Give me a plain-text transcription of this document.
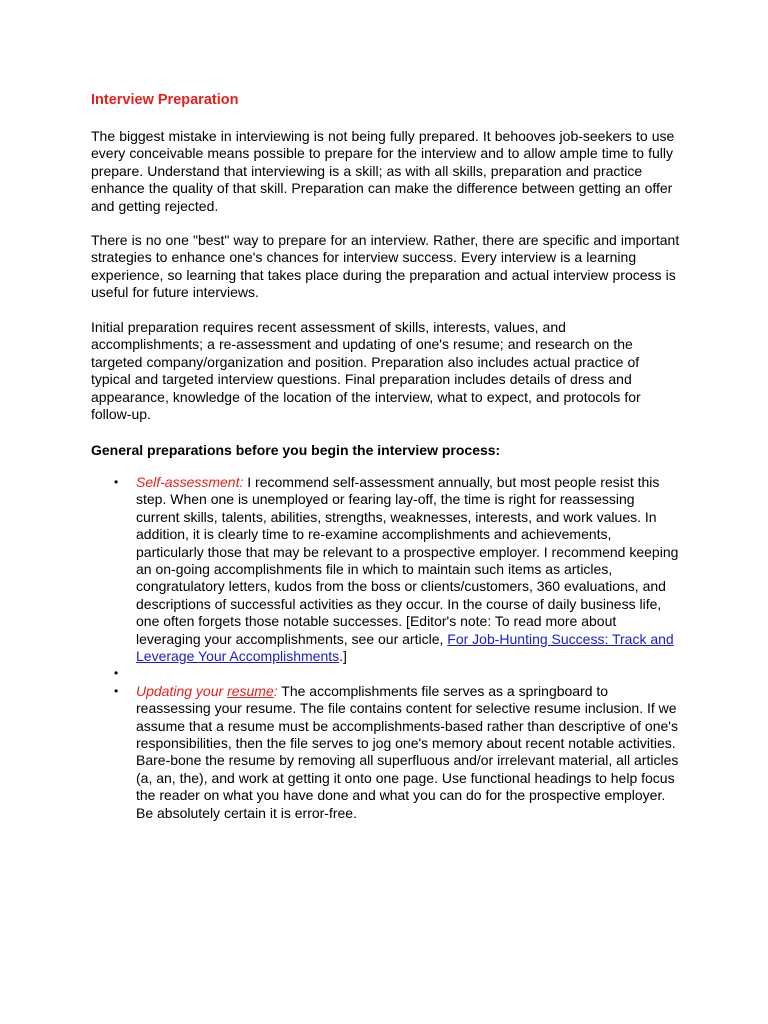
Interview Preparation

The biggest mistake in interviewing is not being fully prepared. It behooves job-seekers to use every conceivable means possible to prepare for the interview and to allow ample time to fully prepare. Understand that interviewing is a skill; as with all skills, preparation and practice enhance the quality of that skill. Preparation can make the difference between getting an offer and getting rejected.

There is no one "best" way to prepare for an interview. Rather, there are specific and important strategies to enhance one's chances for interview success. Every interview is a learning experience, so learning that takes place during the preparation and actual interview process is useful for future interviews.

Initial preparation requires recent assessment of skills, interests, values, and accomplishments; a re-assessment and updating of one's resume; and research on the targeted company/organization and position. Preparation also includes actual practice of typical and targeted interview questions. Final preparation includes details of dress and appearance, knowledge of the location of the interview, what to expect, and protocols for follow-up.

General preparations before you begin the interview process:

• Self-assessment: I recommend self-assessment annually, but most people resist this step. When one is unemployed or fearing lay-off, the time is right for reassessing current skills, talents, abilities, strengths, weaknesses, interests, and work values. In addition, it is clearly time to re-examine accomplishments and achievements, particularly those that may be relevant to a prospective employer. I recommend keeping an on-going accomplishments file in which to maintain such items as articles, congratulatory letters, kudos from the boss or clients/customers, 360 evaluations, and descriptions of successful activities as they occur. In the course of daily business life, one often forgets those notable successes. [Editor's note: To read more about leveraging your accomplishments, see our article, For Job-Hunting Success: Track and Leverage Your Accomplishments.]
•
• Updating your resume: The accomplishments file serves as a springboard to reassessing your resume. The file contains content for selective resume inclusion. If we assume that a resume must be accomplishments-based rather than descriptive of one's responsibilities, then the file serves to jog one's memory about recent notable activities. Bare-bone the resume by removing all superfluous and/or irrelevant material, all articles (a, an, the), and work at getting it onto one page. Use functional headings to help focus the reader on what you have done and what you can do for the prospective employer. Be absolutely certain it is error-free.
